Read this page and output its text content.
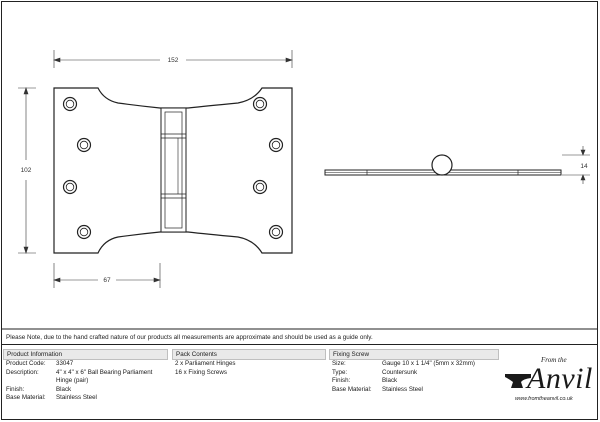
152
102
67
14
Please Note, due to the hand crafted nature of our products all measurements are approximate and should be used as a guide only.
Product Information
Product Code:	33047
Description:	4" x 4" x 6" Ball Bearing Parliament Hinge (pair)
Finish:	Black
Base Material:	Stainless Steel
Pack Contents
2 x Parliament Hinges
16 x Fixing Screws
Fixing Screw
Size:	Gauge 10 x 1 1/4" (5mm x 32mm)
Type:	Countersunk
Finish:	Black
Base Material:	Stainless Steel
From the
Anvil
www.fromtheanvil.co.uk
